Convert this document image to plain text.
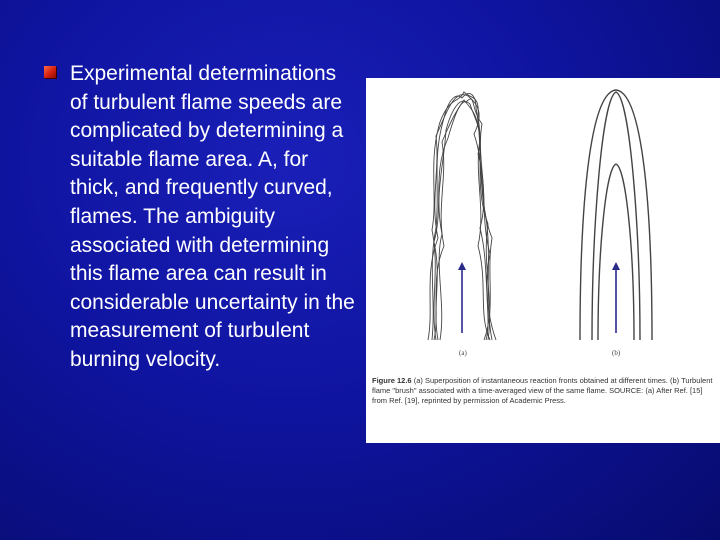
Experimental determinations of turbulent flame speeds are complicated by determining a suitable flame area. A, for thick, and frequently curved, flames. The ambiguity associated with determining this flame area can result in considerable uncertainty in the measurement of turbulent burning velocity.	(a)	(b)
Figure 12.6 (a) Superposition of instantaneous reaction fronts obtained at different times. (b) Turbulent flame "brush" associated with a time-averaged view of the same flame. SOURCE: (a) After Ref. [15] from Ref. [19], reprinted by permission of Academic Press.
